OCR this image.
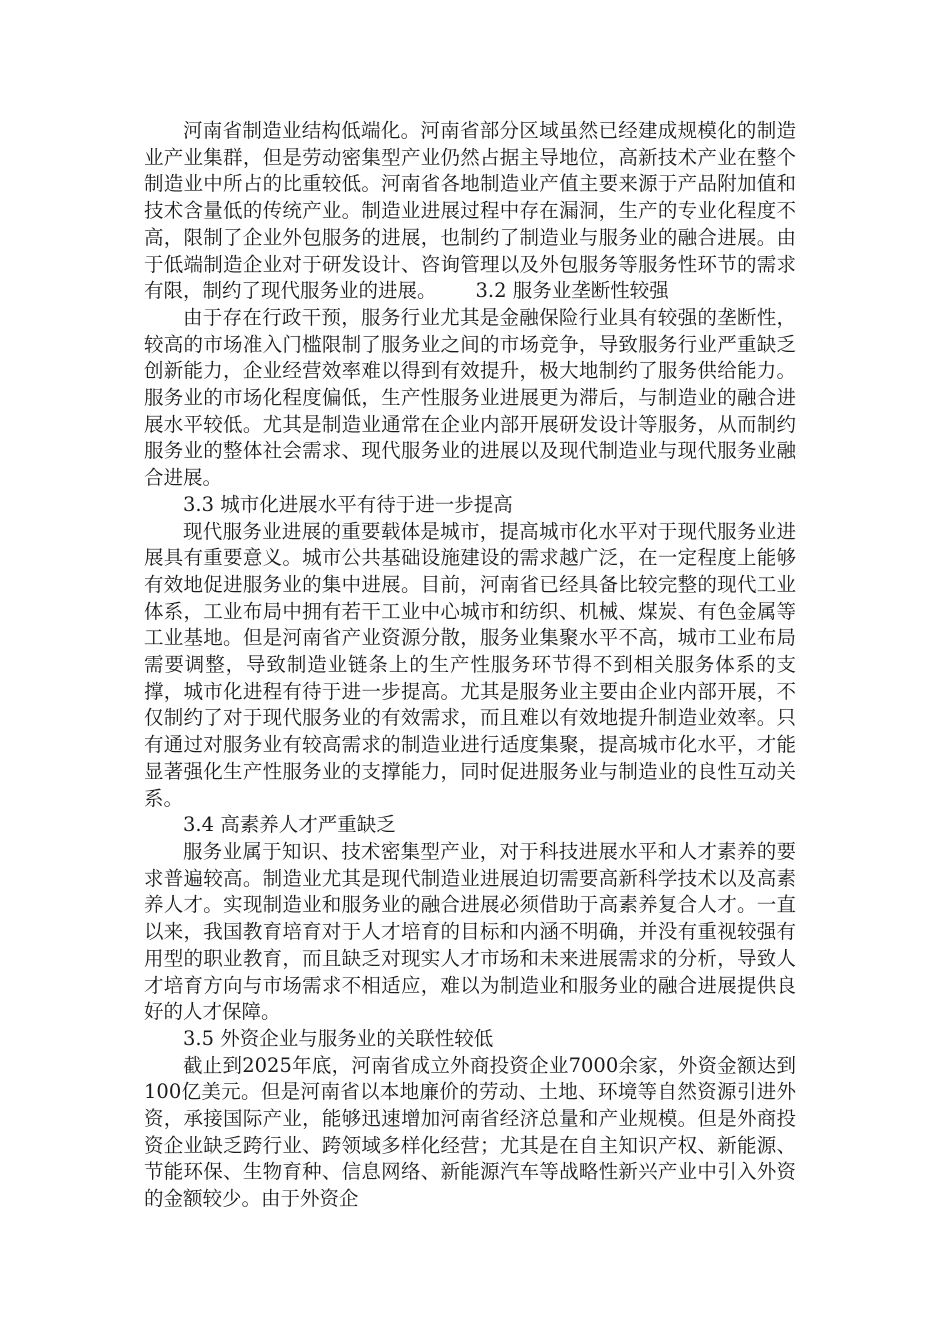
河南省制造业结构低端化。河南省部分区域虽然已经建成规模化的制造业产业集群，但是劳动密集型产业仍然占据主导地位，高新技术产业在整个制造业中所占的比重较低。河南省各地制造业产值主要来源于产品附加值和技术含量低的传统产业。制造业进展过程中存在漏洞，生产的专业化程度不高，限制了企业外包服务的进展，也制约了制造业与服务业的融合进展。由于低端制造企业对于研发设计、咨询管理以及外包服务等服务性环节的需求有限，制约了现代服务业的进展。 3.2 服务业垄断性较强

由于存在行政干预，服务行业尤其是金融保险行业具有较强的垄断性，较高的市场准入门槛限制了服务业之间的市场竞争，导致服务行业严重缺乏创新能力，企业经营效率难以得到有效提升，极大地制约了服务供给能力。服务业的市场化程度偏低，生产性服务业进展更为滞后，与制造业的融合进展水平较低。尤其是制造业通常在企业内部开展研发设计等服务，从而制约服务业的整体社会需求、现代服务业的进展以及现代制造业与现代服务业融合进展。

3.3 城市化进展水平有待于进一步提高

现代服务业进展的重要载体是城市，提高城市化水平对于现代服务业进展具有重要意义。城市公共基础设施建设的需求越广泛，在一定程度上能够有效地促进服务业的集中进展。目前，河南省已经具备比较完整的现代工业体系，工业布局中拥有若干工业中心城市和纺织、机械、煤炭、有色金属等工业基地。但是河南省产业资源分散，服务业集聚水平不高，城市工业布局需要调整，导致制造业链条上的生产性服务环节得不到相关服务体系的支撑，城市化进程有待于进一步提高。尤其是服务业主要由企业内部开展，不仅制约了对于现代服务业的有效需求，而且难以有效地提升制造业效率。只有通过对服务业有较高需求的制造业进行适度集聚，提高城市化水平，才能显著强化生产性服务业的支撑能力，同时促进服务业与制造业的良性互动关系。

3.4 高素养人才严重缺乏

服务业属于知识、技术密集型产业，对于科技进展水平和人才素养的要求普遍较高。制造业尤其是现代制造业进展迫切需要高新科学技术以及高素养人才。实现制造业和服务业的融合进展必须借助于高素养复合人才。一直以来，我国教育培育对于人才培育的目标和内涵不明确，并没有重视较强有用型的职业教育，而且缺乏对现实人才市场和未来进展需求的分析，导致人才培育方向与市场需求不相适应，难以为制造业和服务业的融合进展提供良好的人才保障。

3.5 外资企业与服务业的关联性较低

截止到2025年底，河南省成立外商投资企业7000余家，外资金额达到100亿美元。但是河南省以本地廉价的劳动、土地、环境等自然资源引进外资，承接国际产业，能够迅速增加河南省经济总量和产业规模。但是外商投资企业缺乏跨行业、跨领域多样化经营；尤其是在自主知识产权、新能源、节能环保、生物育种、信息网络、新能源汽车等战略性新兴产业中引入外资的金额较少。由于外资企
